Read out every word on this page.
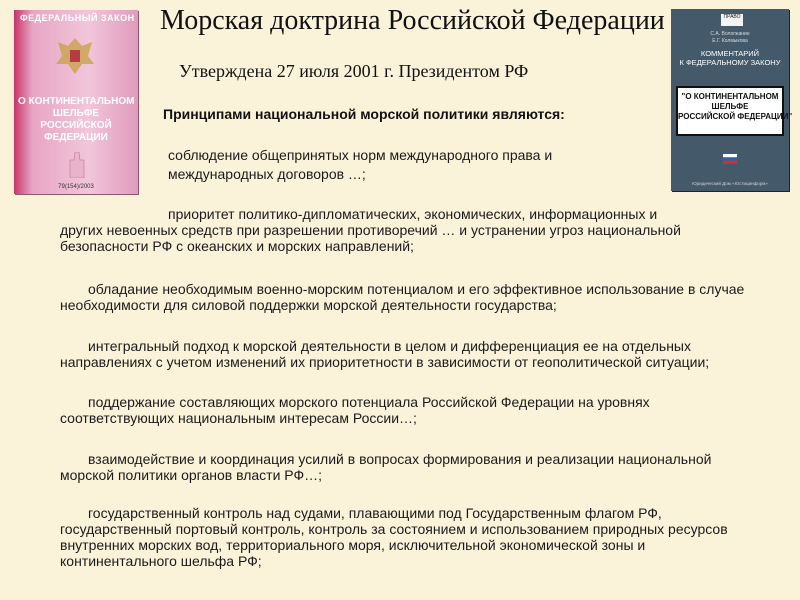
ФЕДЕРАЛЬНЫЙ ЗАКОН
О КОНТИНЕНТАЛЬНОМ
ШЕЛЬФЕ
РОССИЙСКОЙ
ФЕДЕРАЦИИ
79(154)/2003
ПРАВО
С.А. Вологжанин
Е.Г. Колмыкова
КОММЕНТАРИЙ
К ФЕДЕРАЛЬНОМУ ЗАКОНУ
"О КОНТИНЕНТАЛЬНОМ
ШЕЛЬФЕ
РОССИЙСКОЙ ФЕДЕРАЦИИ"
Юридический Дом «Юстицинформ»
Морская доктрина Российской Федерации
Утверждена 27 июля 2001 г. Президентом РФ
Принципами национальной морской политики являются:
соблюдение общепринятых норм международного права и
международных договоров …;
приоритет политико-дипломатических, экономических, информационных и
других невоенных средств при разрешении противоречий … и устранении угроз национальной
безопасности РФ с океанских и морских направлений;
обладание необходимым военно-морским потенциалом и его эффективное использование в случае
необходимости для силовой поддержки морской деятельности государства;
интегральный подход к морской деятельности в целом и дифференциация ее на отдельных
направлениях с учетом изменений их приоритетности в зависимости от геополитической ситуации;
поддержание составляющих морского потенциала Российской Федерации на уровнях
соответствующих национальным интересам России…;
взаимодействие и координация усилий в вопросах формирования и реализации национальной
морской политики органов власти РФ…;
государственный контроль над судами, плавающими под Государственным флагом РФ,
государственный портовый контроль, контроль за состоянием и использованием природных ресурсов
внутренних морских вод, территориального моря, исключительной экономической зоны и
континентального шельфа РФ;
